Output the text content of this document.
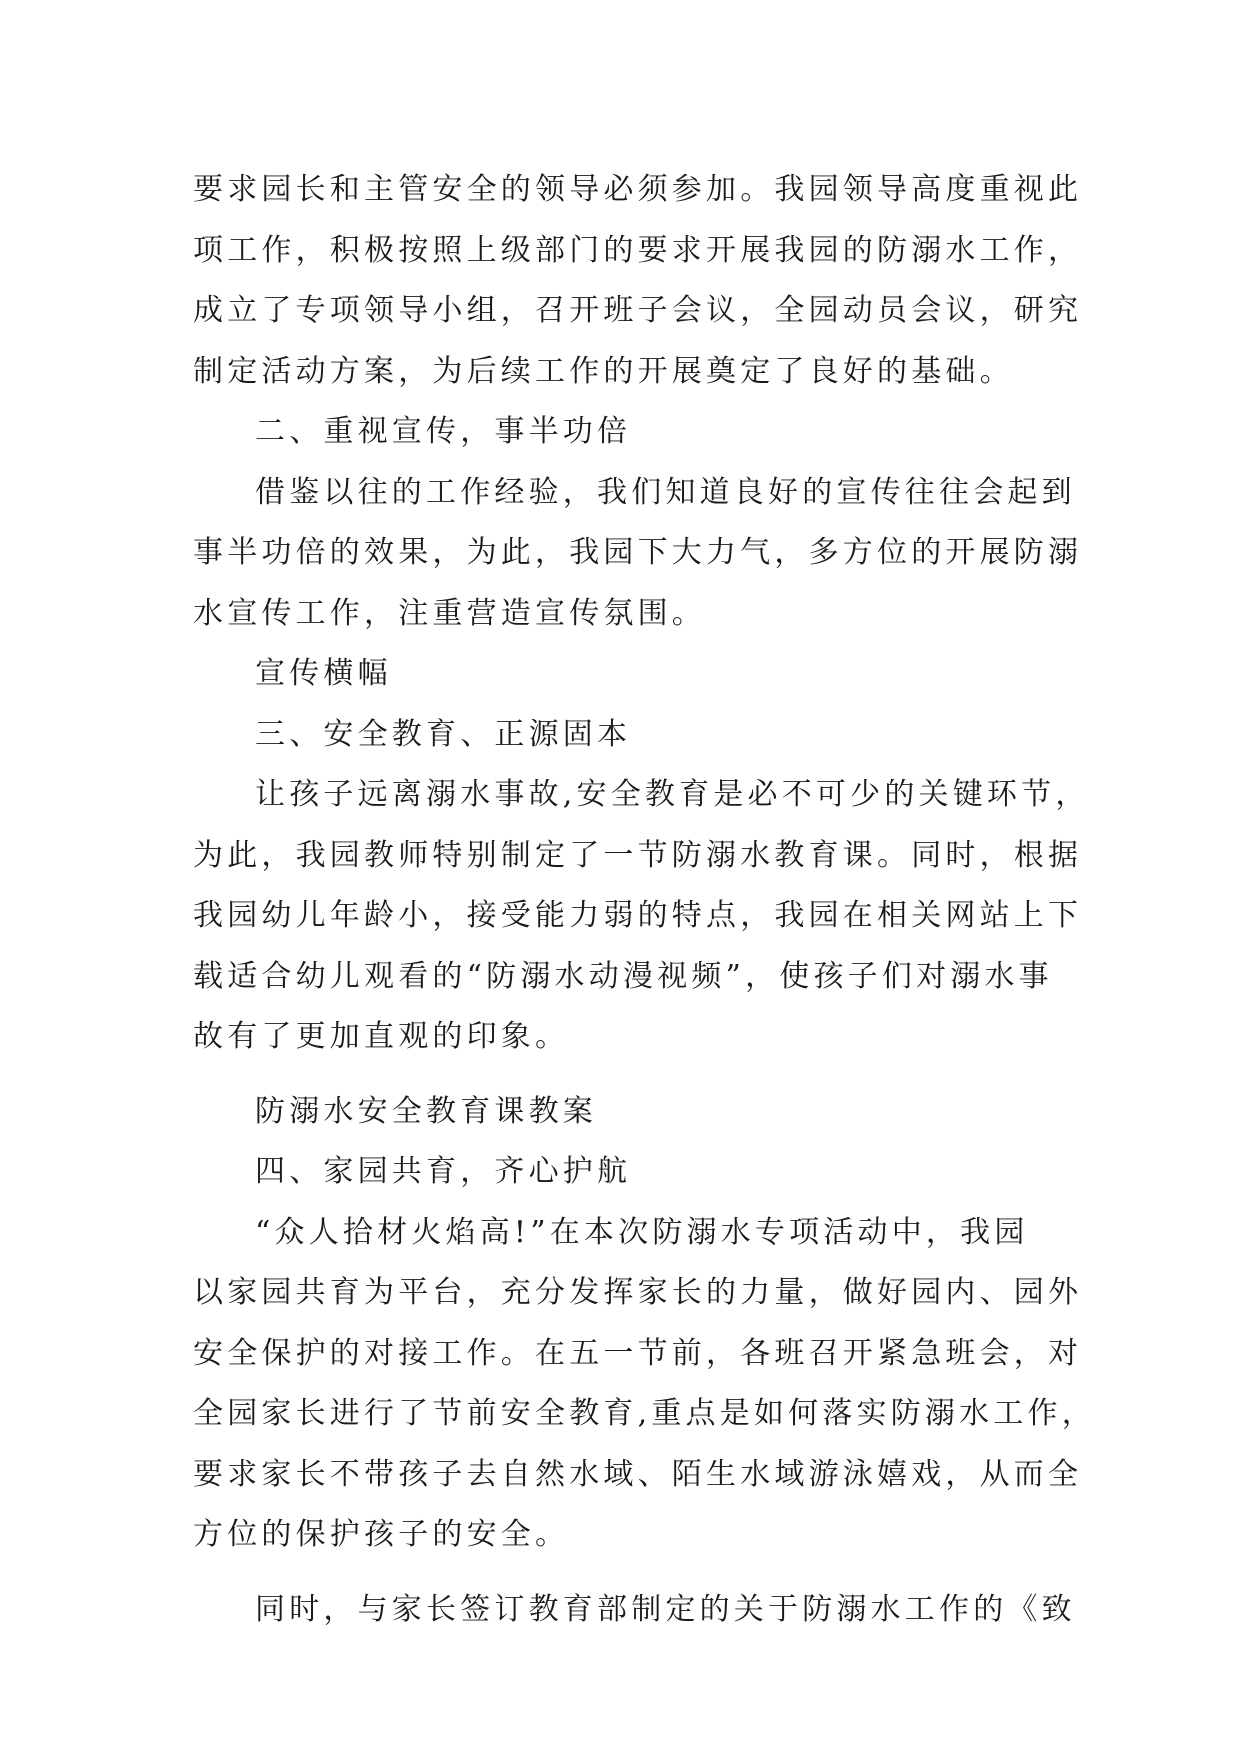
要求园长和主管安全的领导必须参加。我园领导高度重视此
项工作，积极按照上级部门的要求开展我园的防溺水工作，
成立了专项领导小组，召开班子会议，全园动员会议，研究
制定活动方案，为后续工作的开展奠定了良好的基础。
二、重视宣传，事半功倍
借鉴以往的工作经验，我们知道良好的宣传往往会起到
事半功倍的效果，为此，我园下大力气，多方位的开展防溺
水宣传工作，注重营造宣传氛围。
宣传横幅
三、安全教育、正源固本
让孩子远离溺水事故,安全教育是必不可少的关键环节，
为此，我园教师特别制定了一节防溺水教育课。同时，根据
我园幼儿年龄小，接受能力弱的特点，我园在相关网站上下
载适合幼儿观看的“防溺水动漫视频”，使孩子们对溺水事
故有了更加直观的印象。
防溺水安全教育课教案
四、家园共育，齐心护航
“众人拾材火焰高!”在本次防溺水专项活动中，我园
以家园共育为平台，充分发挥家长的力量，做好园内、园外
安全保护的对接工作。在五一节前，各班召开紧急班会，对
全园家长进行了节前安全教育,重点是如何落实防溺水工作，
要求家长不带孩子去自然水域、陌生水域游泳嬉戏，从而全
方位的保护孩子的安全。
同时，与家长签订教育部制定的关于防溺水工作的《致
